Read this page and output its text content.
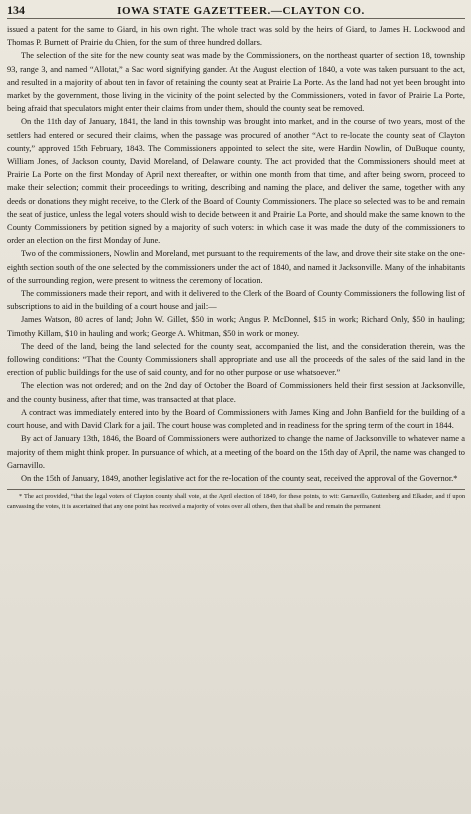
134	IOWA STATE GAZETTEER.—CLAYTON CO.

issued a patent for the same to Giard, in his own right. The whole tract was sold by the heirs of Giard, to James H. Lockwood and Thomas P. Burnett of Prairie du Chien, for the sum of three hundred dollars.

The selection of the site for the new county seat was made by the Commissioners, on the northeast quarter of section 18, township 93, range 3, and named “Allotat,” a Sac word signifying gander. At the August election of 1840, a vote was taken pursuant to the act, and resulted in a majority of about ten in favor of retaining the county seat at Prairie La Porte. As the land had not yet been brought into market by the government, those living in the vicinity of the point selected by the Commissioners, voted in favor of Prairie La Porte, being afraid that speculators might enter their claims from under them, should the county seat be removed.

On the 11th day of January, 1841, the land in this township was brought into market, and in the course of two years, most of the settlers had entered or secured their claims, when the passage was procured of another “Act to re-locate the county seat of Clayton county,” approved 15th February, 1843. The Commissioners appointed to select the site, were Hardin Nowlin, of DuBuque county, William Jones, of Jackson county, David Moreland, of Delaware county. The act provided that the Commissioners should meet at Prairie La Porte on the first Monday of April next thereafter, or within one month from that time, and after being sworn, proceed to make their selection; commit their proceedings to writing, describing and naming the place, and deliver the same, together with any deeds or donations they might receive, to the Clerk of the Board of County Commissioners. The place so selected was to be and remain the seat of justice, unless the legal voters should wish to decide between it and Prairie La Porte, and should make the same known to the County Commissioners by petition signed by a majority of such voters: in which case it was made the duty of the commissioners to order an election on the first Monday of June.

Two of the commissioners, Nowlin and Moreland, met pursuant to the requirements of the law, and drove their site stake on the one-eighth section south of the one selected by the commissioners under the act of 1840, and named it Jacksonville. Many of the inhabitants of the surrounding region, were present to witness the ceremony of location.

The commissioners made their report, and with it delivered to the Clerk of the Board of County Commissioners the following list of subscriptions to aid in the building of a court house and jail:—

James Watson, 80 acres of land; John W. Gillet, $50 in work; Angus P. McDonnel, $15 in work; Richard Only, $50 in hauling; Timothy Killam, $10 in hauling and work; George A. Whitman, $50 in work or money.

The deed of the land, being the land selected for the county seat, accompanied the list, and the consideration therein, was the following conditions: “That the County Commissioners shall appropriate and use all the proceeds of the sales of the said land in the erection of public buildings for the use of said county, and for no other purpose or use whatsoever.”

The election was not ordered; and on the 2nd day of October the Board of Commissioners held their first session at Jacksonville, and the county business, after that time, was transacted at that place.

A contract was immediately entered into by the Board of Commissioners with James King and John Banfield for the building of a court house, and with David Clark for a jail. The court house was completed and in readiness for the spring term of the court in 1844.

By act of January 13th, 1846, the Board of Commissioners were authorized to change the name of Jacksonville to whatever name a majority of them might think proper. In pursuance of which, at a meeting of the board on the 15th day of April, the name was changed to Garnavillo.

On the 15th of January, 1849, another legislative act for the re-location of the county seat, received the approval of the Governor.*

* The act provided, “that the legal voters of Clayton county shall vote, at the April election of 1849, for these points, to wit: Garnavillo, Guttenberg and Elkader, and if upon canvassing the votes, it is ascertained that any one point has received a majority of votes over all others, then that shall be and remain the permanent
